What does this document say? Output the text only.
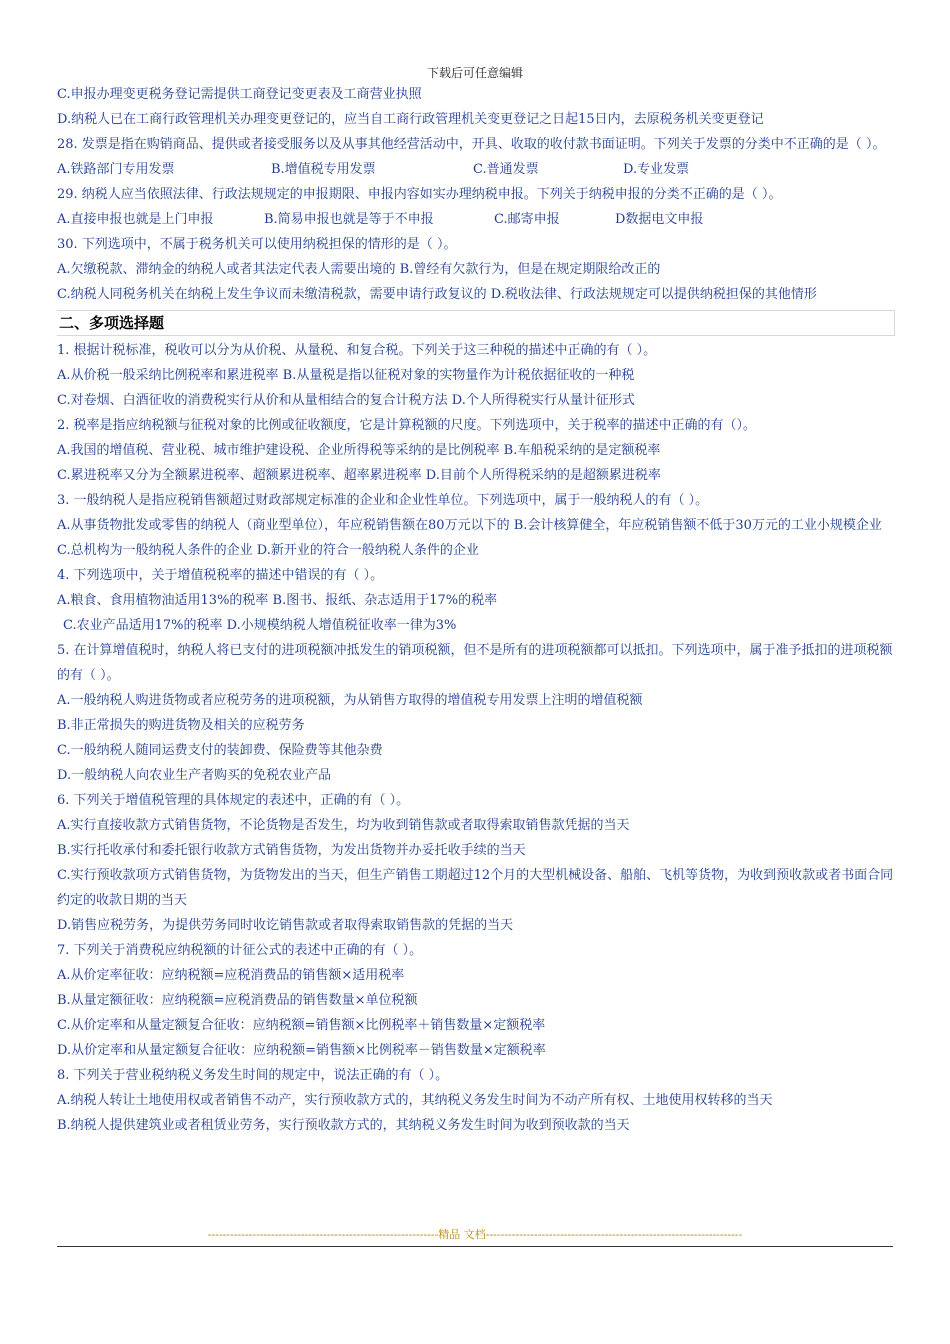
下载后可任意编辑
C.申报办理变更税务登记需提供工商登记变更表及工商营业执照
D.纳税人已在工商行政管理机关办理变更登记的，应当自工商行政管理机关变更登记之日起15日内，去原税务机关变更登记
28. 发票是指在购销商品、提供或者接受服务以及从事其他经营活动中，开具、收取的收付款书面证明。下列关于发票的分类中不正确的是（ ）。
A.铁路部门专用发票	B.增值税专用发票	C.普通发票	D.专业发票
29. 纳税人应当依照法律、行政法规规定的申报期限、申报内容如实办理纳税申报。下列关于纳税申报的分类不正确的是（ ）。
A.直接申报也就是上门申报	B.简易申报也就是等于不申报	C.邮寄申报	D数据电文申报
30. 下列选项中，不属于税务机关可以使用纳税担保的情形的是（ ）。
A.欠缴税款、滞纳金的纳税人或者其法定代表人需要出境的 B.曾经有欠款行为，但是在规定期限给改正的
C.纳税人同税务机关在纳税上发生争议而未缴清税款，需要申请行政复议的 D.税收法律、行政法规规定可以提供纳税担保的其他情形
二、多项选择题
1. 根据计税标准，税收可以分为从价税、从量税、和复合税。下列关于这三种税的描述中正确的有（ ）。
A.从价税一般采纳比例税率和累进税率 B.从量税是指以征税对象的实物量作为计税依据征收的一种税
C.对卷烟、白酒征收的消费税实行从价和从量相结合的复合计税方法 D.个人所得税实行从量计征形式
2. 税率是指应纳税额与征税对象的比例或征收额度，它是计算税额的尺度。下列选项中，关于税率的描述中正确的有（）。
A.我国的增值税、营业税、城市维护建设税、企业所得税等采纳的是比例税率 B.车船税采纳的是定额税率
C.累进税率又分为全额累进税率、超额累进税率、超率累进税率 D.目前个人所得税采纳的是超额累进税率
3. 一般纳税人是指应税销售额超过财政部规定标准的企业和企业性单位。下列选项中，属于一般纳税人的有（ ）。
A.从事货物批发或零售的纳税人（商业型单位），年应税销售额在80万元以下的 B.会计核算健全，年应税销售额不低于30万元的工业小规模企业 C.总机构为一般纳税人条件的企业 D.新开业的符合一般纳税人条件的企业
4. 下列选项中，关于增值税税率的描述中错误的有（ ）。
A.粮食、食用植物油适用13%的税率 B.图书、报纸、杂志适用于17%的税率
C.农业产品适用17%的税率 D.小规模纳税人增值税征收率一律为3%
5. 在计算增值税时，纳税人将已支付的进项税额冲抵发生的销项税额，但不是所有的进项税额都可以抵扣。下列选项中，属于准予抵扣的进项税额的有（ ）。
A.一般纳税人购进货物或者应税劳务的进项税额，为从销售方取得的增值税专用发票上注明的增值税额
B.非正常损失的购进货物及相关的应税劳务
C.一般纳税人随同运费支付的装卸费、保险费等其他杂费
D.一般纳税人向农业生产者购买的免税农业产品
6. 下列关于增值税管理的具体规定的表述中，正确的有（ ）。
A.实行直接收款方式销售货物，不论货物是否发生，均为收到销售款或者取得索取销售款凭据的当天
B.实行托收承付和委托银行收款方式销售货物，为发出货物并办妥托收手续的当天
C.实行预收款项方式销售货物，为货物发出的当天，但生产销售工期超过12个月的大型机械设备、船舶、飞机等货物，为收到预收款或者书面合同约定的收款日期的当天
D.销售应税劳务，为提供劳务同时收讫销售款或者取得索取销售款的凭据的当天
7. 下列关于消费税应纳税额的计征公式的表述中正确的有（ ）。
A.从价定率征收：应纳税额=应税消费品的销售额×适用税率
B.从量定额征收：应纳税额=应税消费品的销售数量×单位税额
C.从价定率和从量定额复合征收：应纳税额=销售额×比例税率＋销售数量×定额税率
D.从价定率和从量定额复合征收：应纳税额=销售额×比例税率－销售数量×定额税率
8. 下列关于营业税纳税义务发生时间的规定中，说法正确的有（ ）。
A.纳税人转让土地使用权或者销售不动产，实行预收款方式的，其纳税义务发生时间为不动产所有权、土地使用权转移的当天
B.纳税人提供建筑业或者租赁业劳务，实行预收款方式的，其纳税义务发生时间为收到预收款的当天
--------------------------------------------------------------精品 文档---------------------------------------------------------------------
